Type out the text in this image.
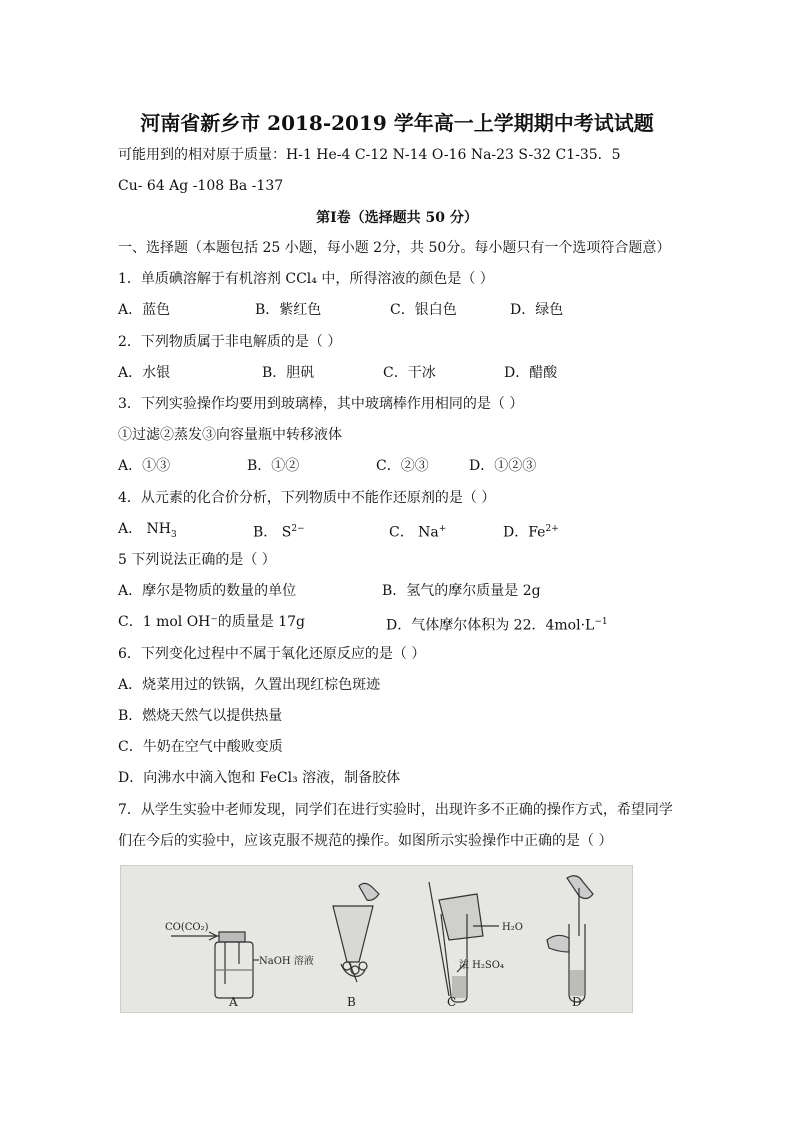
河南省新乡市 2018-2019 学年高一上学期期中考试试题
可能用到的相对原于质量：H-1 He-4 C-12 N-14 O-16 Na-23 S-32 C1-35．5
Cu- 64 Ag -108 Ba -137
第Ⅰ卷（选择题共 50 分）
一、选择题（本题包括 25 小题，每小题 2分，共 50分。每小题只有一个选项符合题意）
1．单质碘溶解于有机溶剂 CCl₄ 中，所得溶液的颜色是（ ）
A．蓝色	B．紫红色	C．银白色	D．绿色
2．下列物质属于非电解质的是（ ）
A．水银	B．胆矾	C．干冰	D．醋酸
3．下列实验操作均要用到玻璃棒，其中玻璃棒作用相同的是（ ）
①过滤②蒸发③向容量瓶中转移液体
A．①③	B．①②	C．②③	D．①②③
4．从元素的化合价分析，下列物质中不能作还原剂的是（ ）
A． $NH_3$	B． $S^{2-}$	C． Na+	D．$Fe^{2+}$
5 下列说法正确的是（ ）
A．摩尔是物质的数量的单位	B．氢气的摩尔质量是 2g
C．1 mol OH⁻的质量是 17g	D．气体摩尔体积为 22．$4mol\cdot L^{-1}$
6．下列变化过程中不属于氧化还原反应的是（ ）
A．烧菜用过的铁锅，久置出现红棕色斑迹
B．燃烧天然气以提供热量
C．牛奶在空气中酸败变质
D．向沸水中滴入饱和 FeCl₃ 溶液，制备胶体
7．从学生实验中老师发现，同学们在进行实验时，出现许多不正确的操作方式，希望同学
们在今后的实验中，应该克服不规范的操作。如图所示实验操作中正确的是（ ）
CO(CO₂)
NaOH 溶液
H₂O
浓 H₂SO₄
A	B	C	D
